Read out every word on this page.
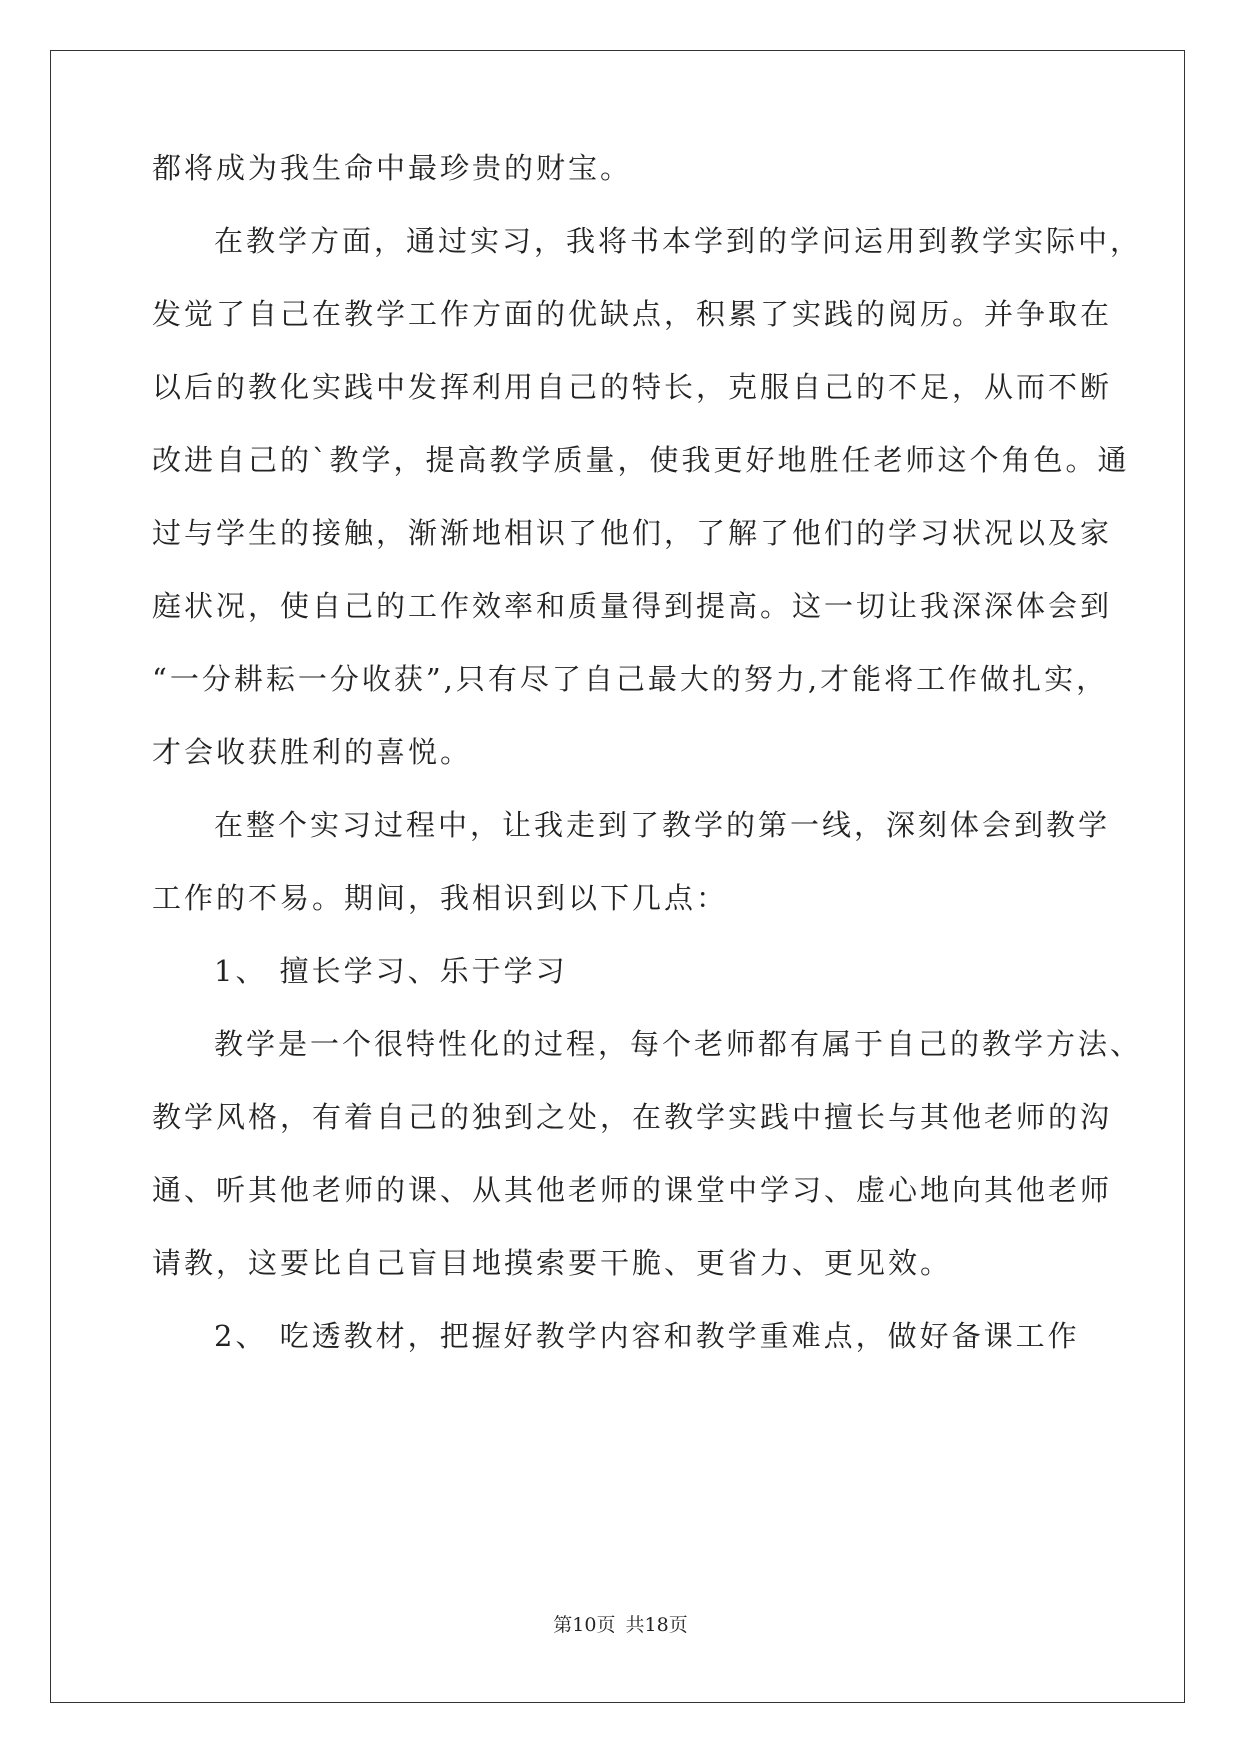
都将成为我生命中最珍贵的财宝。
在教学方面，通过实习，我将书本学到的学问运用到教学实际中，
发觉了自己在教学工作方面的优缺点，积累了实践的阅历。并争取在
以后的教化实践中发挥利用自己的特长，克服自己的不足，从而不断
改进自己的`教学，提高教学质量，使我更好地胜任老师这个角色。通
过与学生的接触，渐渐地相识了他们，了解了他们的学习状况以及家
庭状况，使自己的工作效率和质量得到提高。这一切让我深深体会到
“一分耕耘一分收获”,只有尽了自己最大的努力,才能将工作做扎实，
才会收获胜利的喜悦。
在整个实习过程中，让我走到了教学的第一线，深刻体会到教学
工作的不易。期间，我相识到以下几点：
1、 擅长学习、乐于学习
教学是一个很特性化的过程，每个老师都有属于自己的教学方法、
教学风格，有着自己的独到之处，在教学实践中擅长与其他老师的沟
通、听其他老师的课、从其他老师的课堂中学习、虚心地向其他老师
请教，这要比自己盲目地摸索要干脆、更省力、更见效。
2、 吃透教材，把握好教学内容和教学重难点，做好备课工作
第10页 共18页
